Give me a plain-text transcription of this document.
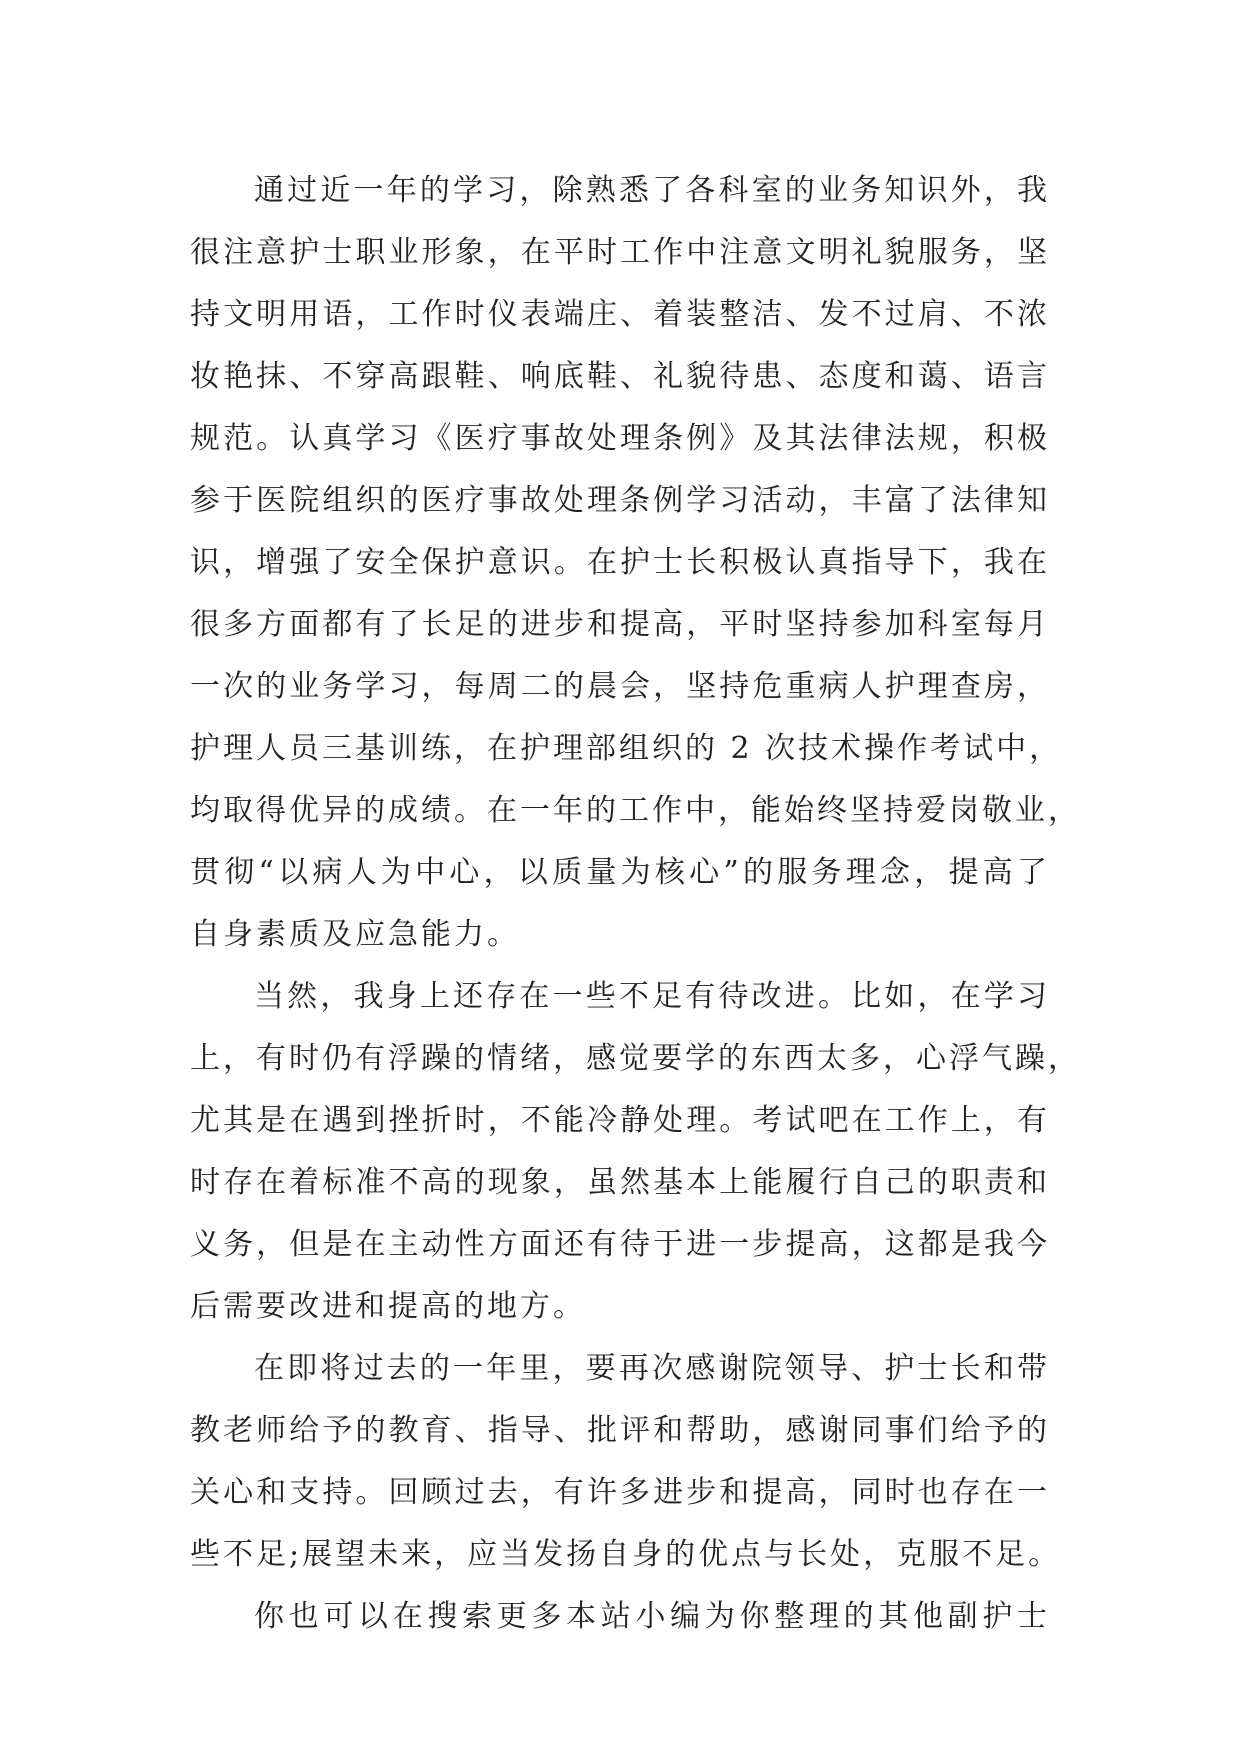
通过近一年的学习，除熟悉了各科室的业务知识外，我
很注意护士职业形象，在平时工作中注意文明礼貌服务，坚
持文明用语，工作时仪表端庄、着装整洁、发不过肩、不浓
妆艳抹、不穿高跟鞋、响底鞋、礼貌待患、态度和蔼、语言
规范。认真学习《医疗事故处理条例》及其法律法规，积极
参于医院组织的医疗事故处理条例学习活动，丰富了法律知
识，增强了安全保护意识。在护士长积极认真指导下，我在
很多方面都有了长足的进步和提高，平时坚持参加科室每月
一次的业务学习，每周二的晨会，坚持危重病人护理查房，
护理人员三基训练，在护理部组织的 2 次技术操作考试中，
均取得优异的成绩。在一年的工作中，能始终坚持爱岗敬业，
贯彻“以病人为中心，以质量为核心”的服务理念，提高了
自身素质及应急能力。
当然，我身上还存在一些不足有待改进。比如，在学习
上，有时仍有浮躁的情绪，感觉要学的东西太多，心浮气躁，
尤其是在遇到挫折时，不能冷静处理。考试吧在工作上，有
时存在着标准不高的现象，虽然基本上能履行自己的职责和
义务，但是在主动性方面还有待于进一步提高，这都是我今
后需要改进和提高的地方。
在即将过去的一年里，要再次感谢院领导、护士长和带
教老师给予的教育、指导、批评和帮助，感谢同事们给予的
关心和支持。回顾过去，有许多进步和提高，同时也存在一
些不足;展望未来，应当发扬自身的优点与长处，克服不足。
你也可以在搜索更多本站小编为你整理的其他副护士
